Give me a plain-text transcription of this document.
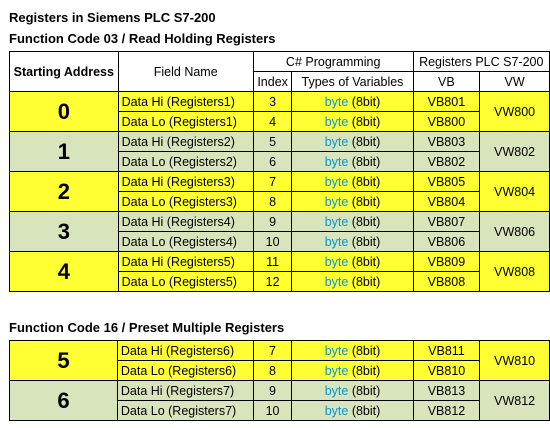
Registers in Siemens PLC S7-200
Function Code 03 / Read Holding Registers
Starting Address	Field Name	C# Programming		Registers PLC S7-200	
		Index	Types of Variables	VB	VW
0	Data Hi (Registers1)	3	byte (8bit)	VB801	VW800
	Data Lo (Registers1)	4	byte (8bit)	VB800	
1	Data Hi (Registers2)	5	byte (8bit)	VB803	VW802
	Data Lo (Registers2)	6	byte (8bit)	VB802	
2	Data Hi (Registers3)	7	byte (8bit)	VB805	VW804
	Data Lo (Registers3)	8	byte (8bit)	VB804	
3	Data Hi (Registers4)	9	byte (8bit)	VB807	VW806
	Data Lo (Registers4)	10	byte (8bit)	VB806	
4	Data Hi (Registers5)	11	byte (8bit)	VB809	VW808
	Data Lo (Registers5)	12	byte (8bit)	VB808	
Function Code 16 / Preset Multiple Registers
5	Data Hi (Registers6)	7	byte (8bit)	VB811	VW810
	Data Lo (Registers6)	8	byte (8bit)	VB810	
6	Data Hi (Registers7)	9	byte (8bit)	VB813	VW812
	Data Lo (Registers7)	10	byte (8bit)	VB812	
